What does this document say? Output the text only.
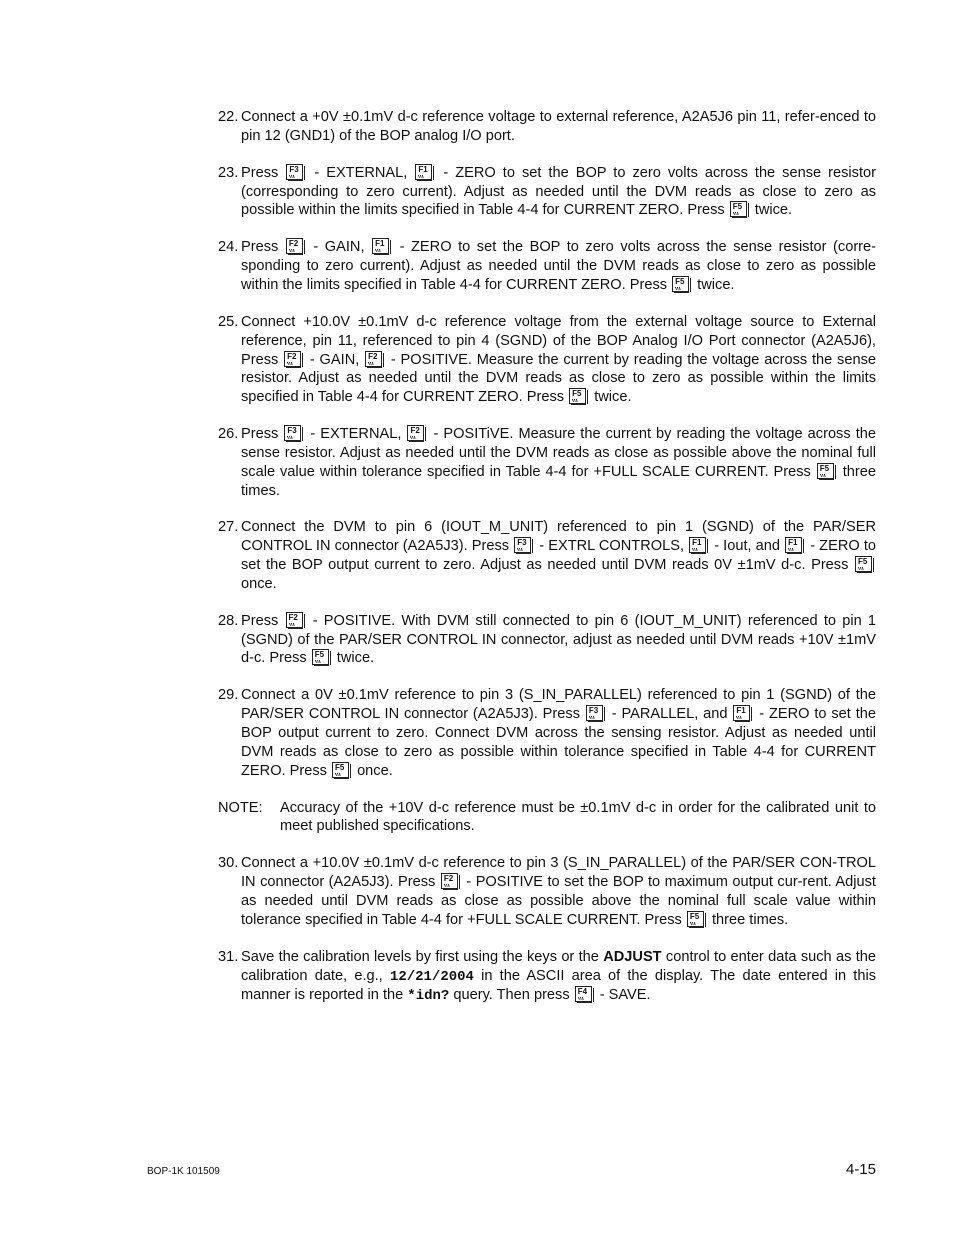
22. Connect a +0V ±0.1mV d-c reference voltage to external reference, A2A5J6 pin 11, refer-enced to pin 12 (GND1) of the BOP analog I/O port.
23. Press F3 - EXTERNAL, F1 - ZERO to set the BOP to zero volts across the sense resistor (corresponding to zero current). Adjust as needed until the DVM reads as close to zero as possible within the limits specified in Table 4-4 for CURRENT ZERO. Press F5 twice.
24. Press F2 - GAIN, F1 - ZERO to set the BOP to zero volts across the sense resistor (corre-sponding to zero current). Adjust as needed until the DVM reads as close to zero as possible within the limits specified in Table 4-4 for CURRENT ZERO. Press F5 twice.
25. Connect +10.0V ±0.1mV d-c reference voltage from the external voltage source to External reference, pin 11, referenced to pin 4 (SGND) of the BOP Analog I/O Port connector (A2A5J6), Press F2 - GAIN, F2 - POSITIVE. Measure the current by reading the voltage across the sense resistor. Adjust as needed until the DVM reads as close to zero as possible within the limits specified in Table 4-4 for CURRENT ZERO. Press F5 twice.
26. Press F3 - EXTERNAL, F2 - POSITiVE. Measure the current by reading the voltage across the sense resistor. Adjust as needed until the DVM reads as close as possible above the nominal full scale value within tolerance specified in Table 4-4 for +FULL SCALE CURRENT. Press F5 three times.
27. Connect the DVM to pin 6 (IOUT_M_UNIT) referenced to pin 1 (SGND) of the PAR/SER CONTROL IN connector (A2A5J3). Press F3 - EXTRL CONTROLS, F1 - Iout, and F1 - ZERO to set the BOP output current to zero. Adjust as needed until DVM reads 0V ±1mV d-c. Press F5
once.
28. Press F2 - POSITIVE. With DVM still connected to pin 6 (IOUT_M_UNIT) referenced to pin 1 (SGND) of the PAR/SER CONTROL IN connector, adjust as needed until DVM reads +10V ±1mV d-c. Press F5 twice.
29. Connect a 0V ±0.1mV reference to pin 3 (S_IN_PARALLEL) referenced to pin 1 (SGND) of the PAR/SER CONTROL IN connector (A2A5J3). Press F3 - PARALLEL, and F1 - ZERO to set the BOP output current to zero. Connect DVM across the sensing resistor. Adjust as needed until DVM reads as close to zero as possible within tolerance specified in Table 4-4 for CURRENT ZERO. Press F5 once.
NOTE:	Accuracy of the +10V d-c reference must be ±0.1mV d-c in order for the calibrated unit to meet published specifications.
30. Connect a +10.0V ±0.1mV d-c reference to pin 3 (S_IN_PARALLEL) of the PAR/SER CON-TROL IN connector (A2A5J3). Press F2 - POSITIVE to set the BOP to maximum output cur-rent. Adjust as needed until DVM reads as close as possible above the nominal full scale value within tolerance specified in Table 4-4 for +FULL SCALE CURRENT. Press F5 three times.
31. Save the calibration levels by first using the keys or the ADJUST control to enter data such as the calibration date, e.g., 12/21/2004 in the ASCII area of the display. The date entered in this manner is reported in the *idn? query. Then press F4 - SAVE.
BOP-1K 101509	4-15
